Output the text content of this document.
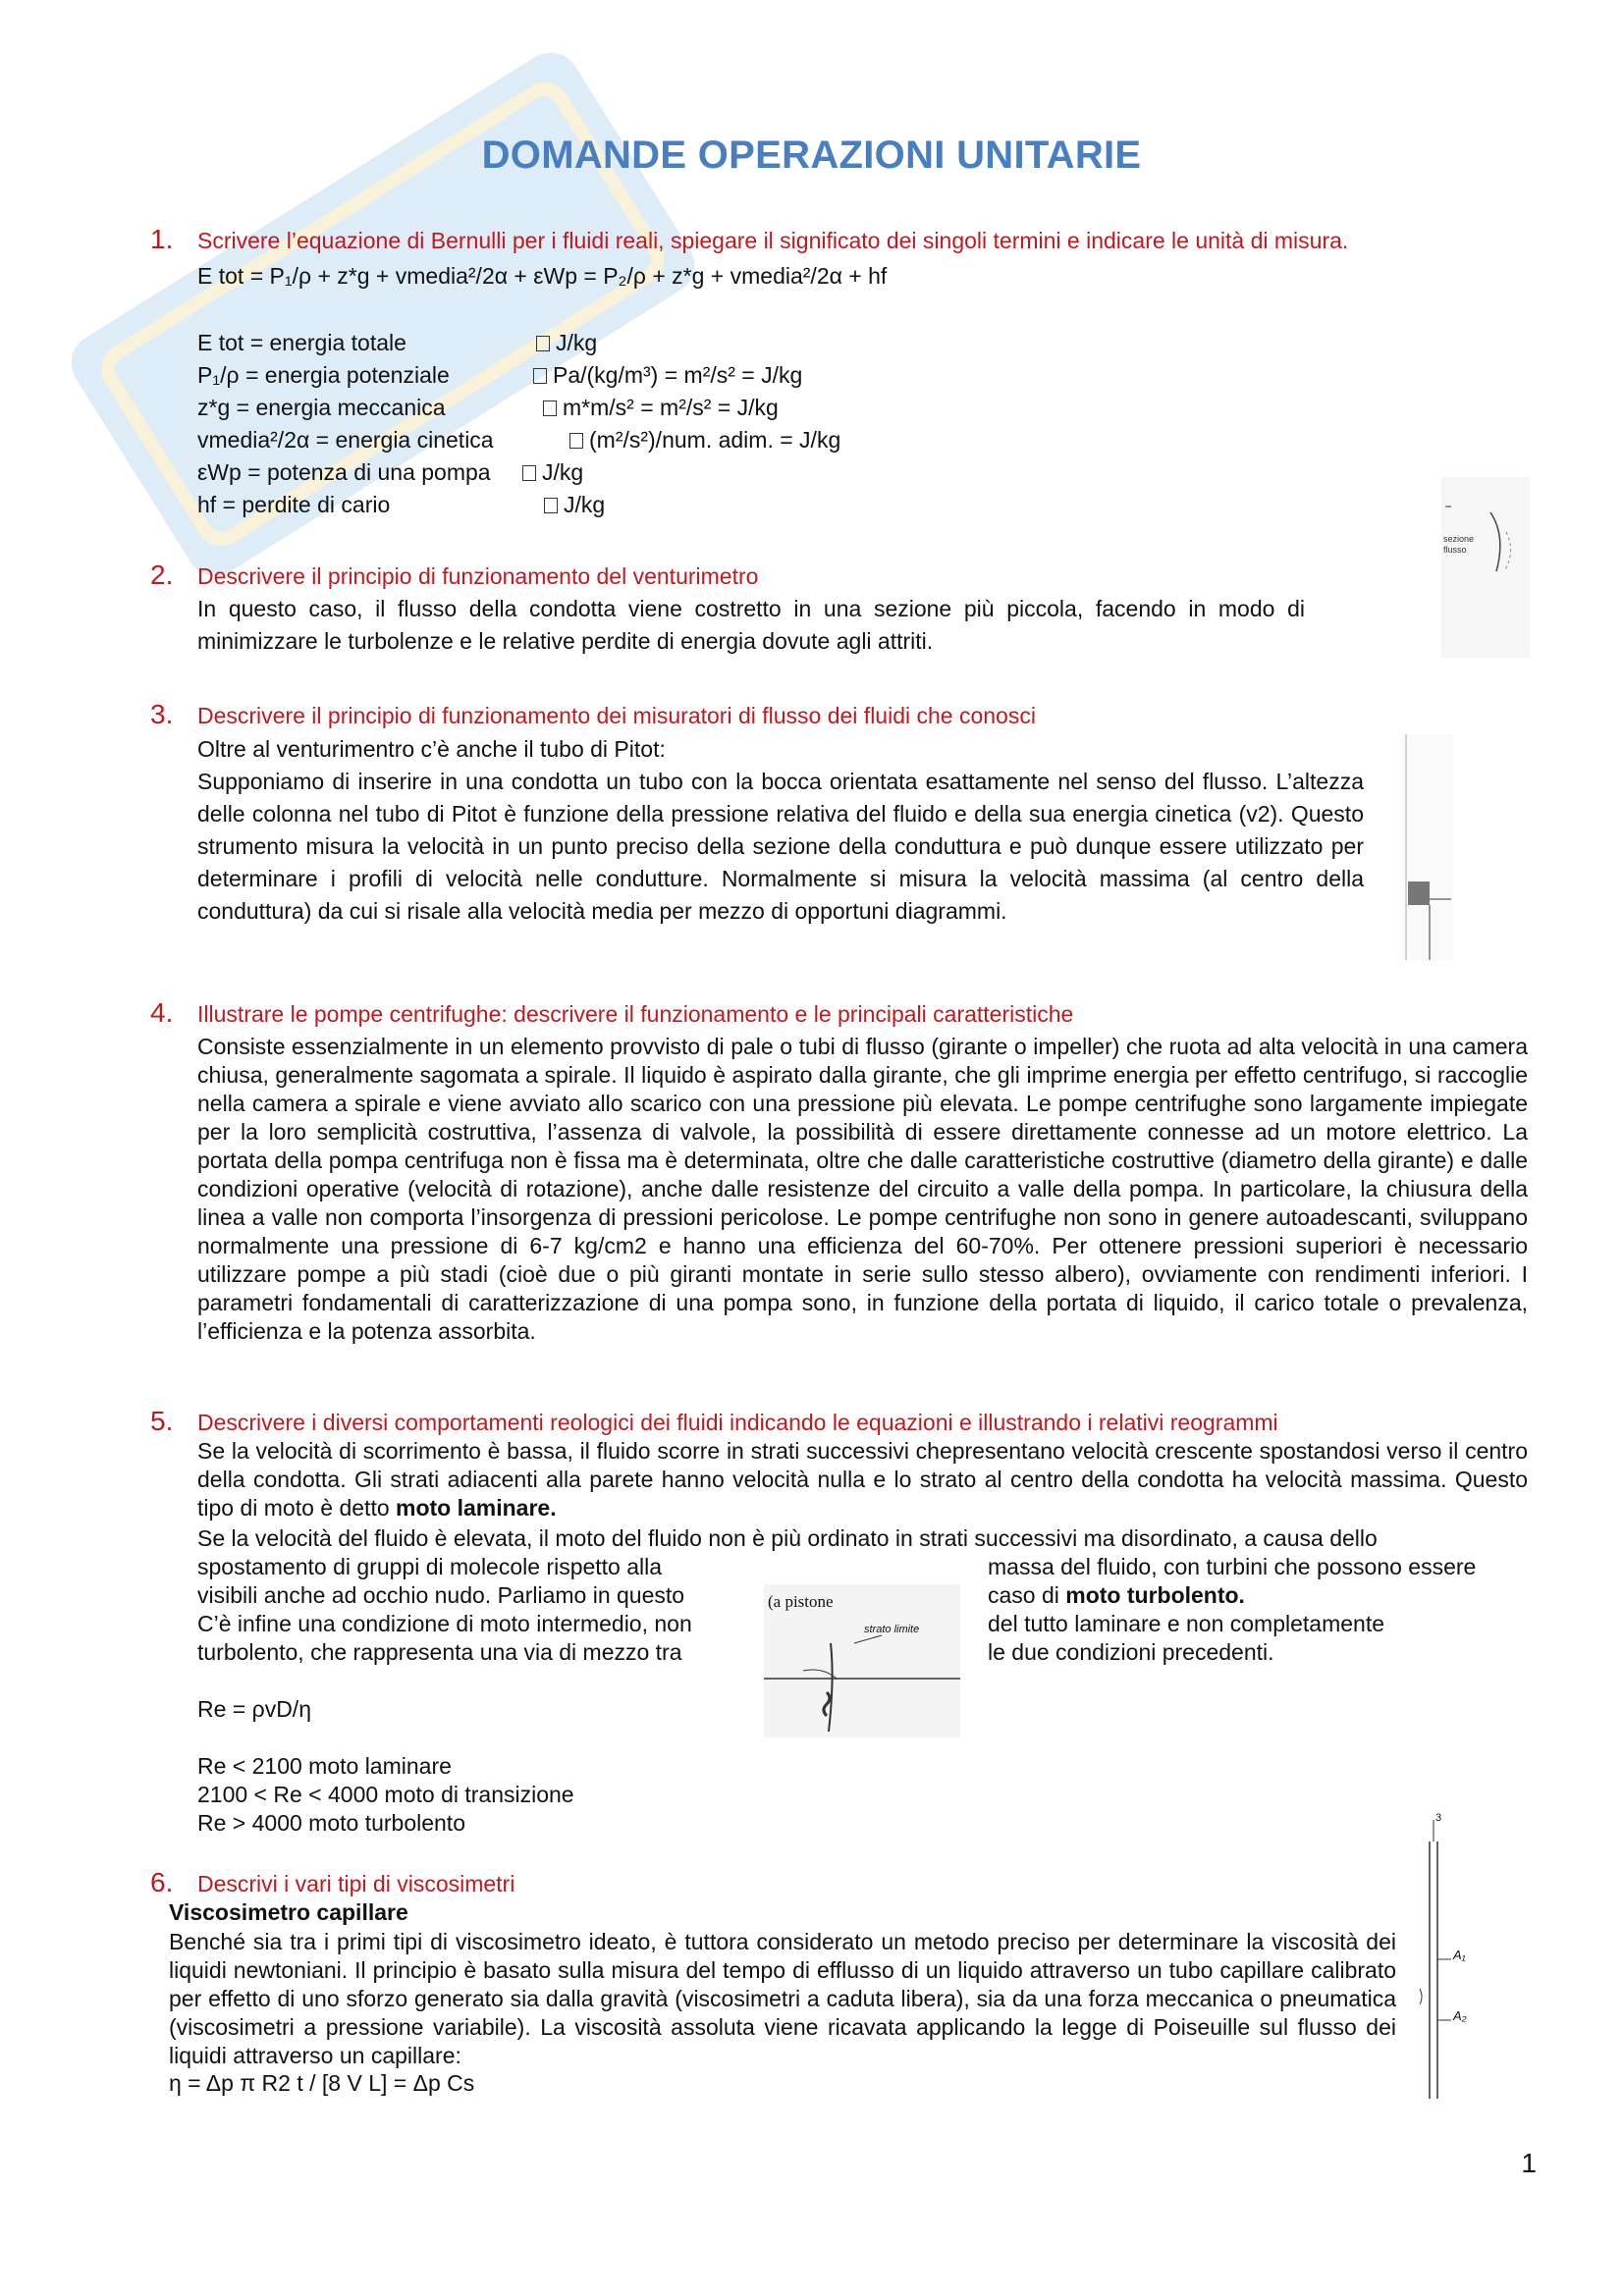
DOMANDE OPERAZIONI UNITARIE
1. Scrivere l’equazione di Bernulli per i fluidi reali, spiegare il significato dei singoli termini e indicare le unità di misura.
E tot = P₁/ρ + z*g + vmedia²/2α + εWp = P₂/ρ + z*g + vmedia²/2α + hf
E tot = energia totale	J/kg
P₁/ρ = energia potenziale	Pa/(kg/m³) = m²/s² = J/kg
z*g = energia meccanica	m*m/s² = m²/s² = J/kg
vmedia²/2α = energia cinetica	(m²/s²)/num. adim. = J/kg
εWp = potenza di una pompa	J/kg
hf = perdite di cario	J/kg
sezione flusso
2. Descrivere il principio di funzionamento del venturimetro
In questo caso, il flusso della condotta viene costretto in una sezione più piccola, facendo in modo di minimizzare le turbolenze e le relative perdite di energia dovute agli attriti.
3. Descrivere il principio di funzionamento dei misuratori di flusso dei fluidi che conosci
Oltre al venturimentro c’è anche il tubo di Pitot:
Supponiamo di inserire in una condotta un tubo con la bocca orientata esattamente nel senso del flusso. L’altezza delle colonna nel tubo di Pitot è funzione della pressione relativa del fluido e della sua energia cinetica (v2). Questo strumento misura la velocità in un punto preciso della sezione della conduttura e può dunque essere utilizzato per determinare i profili di velocità nelle condutture. Normalmente si misura la velocità massima (al centro della conduttura) da cui si risale alla velocità media per mezzo di opportuni diagrammi.
4. Illustrare le pompe centrifughe: descrivere il funzionamento e le principali caratteristiche
Consiste essenzialmente in un elemento provvisto di pale o tubi di flusso (girante o impeller) che ruota ad alta velocità in una camera chiusa, generalmente sagomata a spirale. Il liquido è aspirato dalla girante, che gli imprime energia per effetto centrifugo, si raccoglie nella camera a spirale e viene avviato allo scarico con una pressione più elevata. Le pompe centrifughe sono largamente impiegate per la loro semplicità costruttiva, l’assenza di valvole, la possibilità di essere direttamente connesse ad un motore elettrico. La portata della pompa centrifuga non è fissa ma è determinata, oltre che dalle caratteristiche costruttive (diametro della girante) e dalle condizioni operative (velocità di rotazione), anche dalle resistenze del circuito a valle della pompa. In particolare, la chiusura della linea a valle non comporta l’insorgenza di pressioni pericolose. Le pompe centrifughe non sono in genere autoadescanti, sviluppano normalmente una pressione di 6-7 kg/cm2 e hanno una efficienza del 60-70%. Per ottenere pressioni superiori è necessario utilizzare pompe a più stadi (cioè due o più giranti montate in serie sullo stesso albero), ovviamente con rendimenti inferiori. I parametri fondamentali di caratterizzazione di una pompa sono, in funzione della portata di liquido, il carico totale o prevalenza, l’efficienza e la potenza assorbita.
5. Descrivere i diversi comportamenti reologici dei fluidi indicando le equazioni e illustrando i relativi reogrammi
Se la velocità di scorrimento è bassa, il fluido scorre in strati successivi chepresentano velocità crescente spostandosi verso il centro della condotta. Gli strati adiacenti alla parete hanno velocità nulla e lo strato al centro della condotta ha velocità massima. Questo tipo di moto è detto moto laminare.
Se la velocità del fluido è elevata, il moto del fluido non è più ordinato in strati successivi ma disordinato, a causa dello
spostamento di gruppi di molecole rispetto alla
visibili anche ad occhio nudo. Parliamo in questo
C’è infine una condizione di moto intermedio, non
turbolento, che rappresenta una via di mezzo tra
massa del fluido, con turbini che possono essere
caso di moto turbolento.
del tutto laminare e non completamente
le due condizioni precedenti.
(a pistone
strato limite
Re = ρvD/η
Re < 2100 moto laminare
2100 < Re < 4000 moto di transizione
Re > 4000 moto turbolento
6. Descrivi i vari tipi di viscosimetri
Viscosimetro capillare
Benché sia tra i primi tipi di viscosimetro ideato, è tuttora considerato un metodo preciso per determinare la viscosità dei liquidi newtoniani. Il principio è basato sulla misura del tempo di efflusso di un liquido attraverso un tubo capillare calibrato per effetto di uno sforzo generato sia dalla gravità (viscosimetri a caduta libera), sia da una forza meccanica o pneumatica (viscosimetri a pressione variabile). La viscosità assoluta viene ricavata applicando la legge di Poiseuille sul flusso dei liquidi attraverso un capillare:
η = Δp π R2 t / [8 V L] = Δp Cs
3
A₁
A₂
1
